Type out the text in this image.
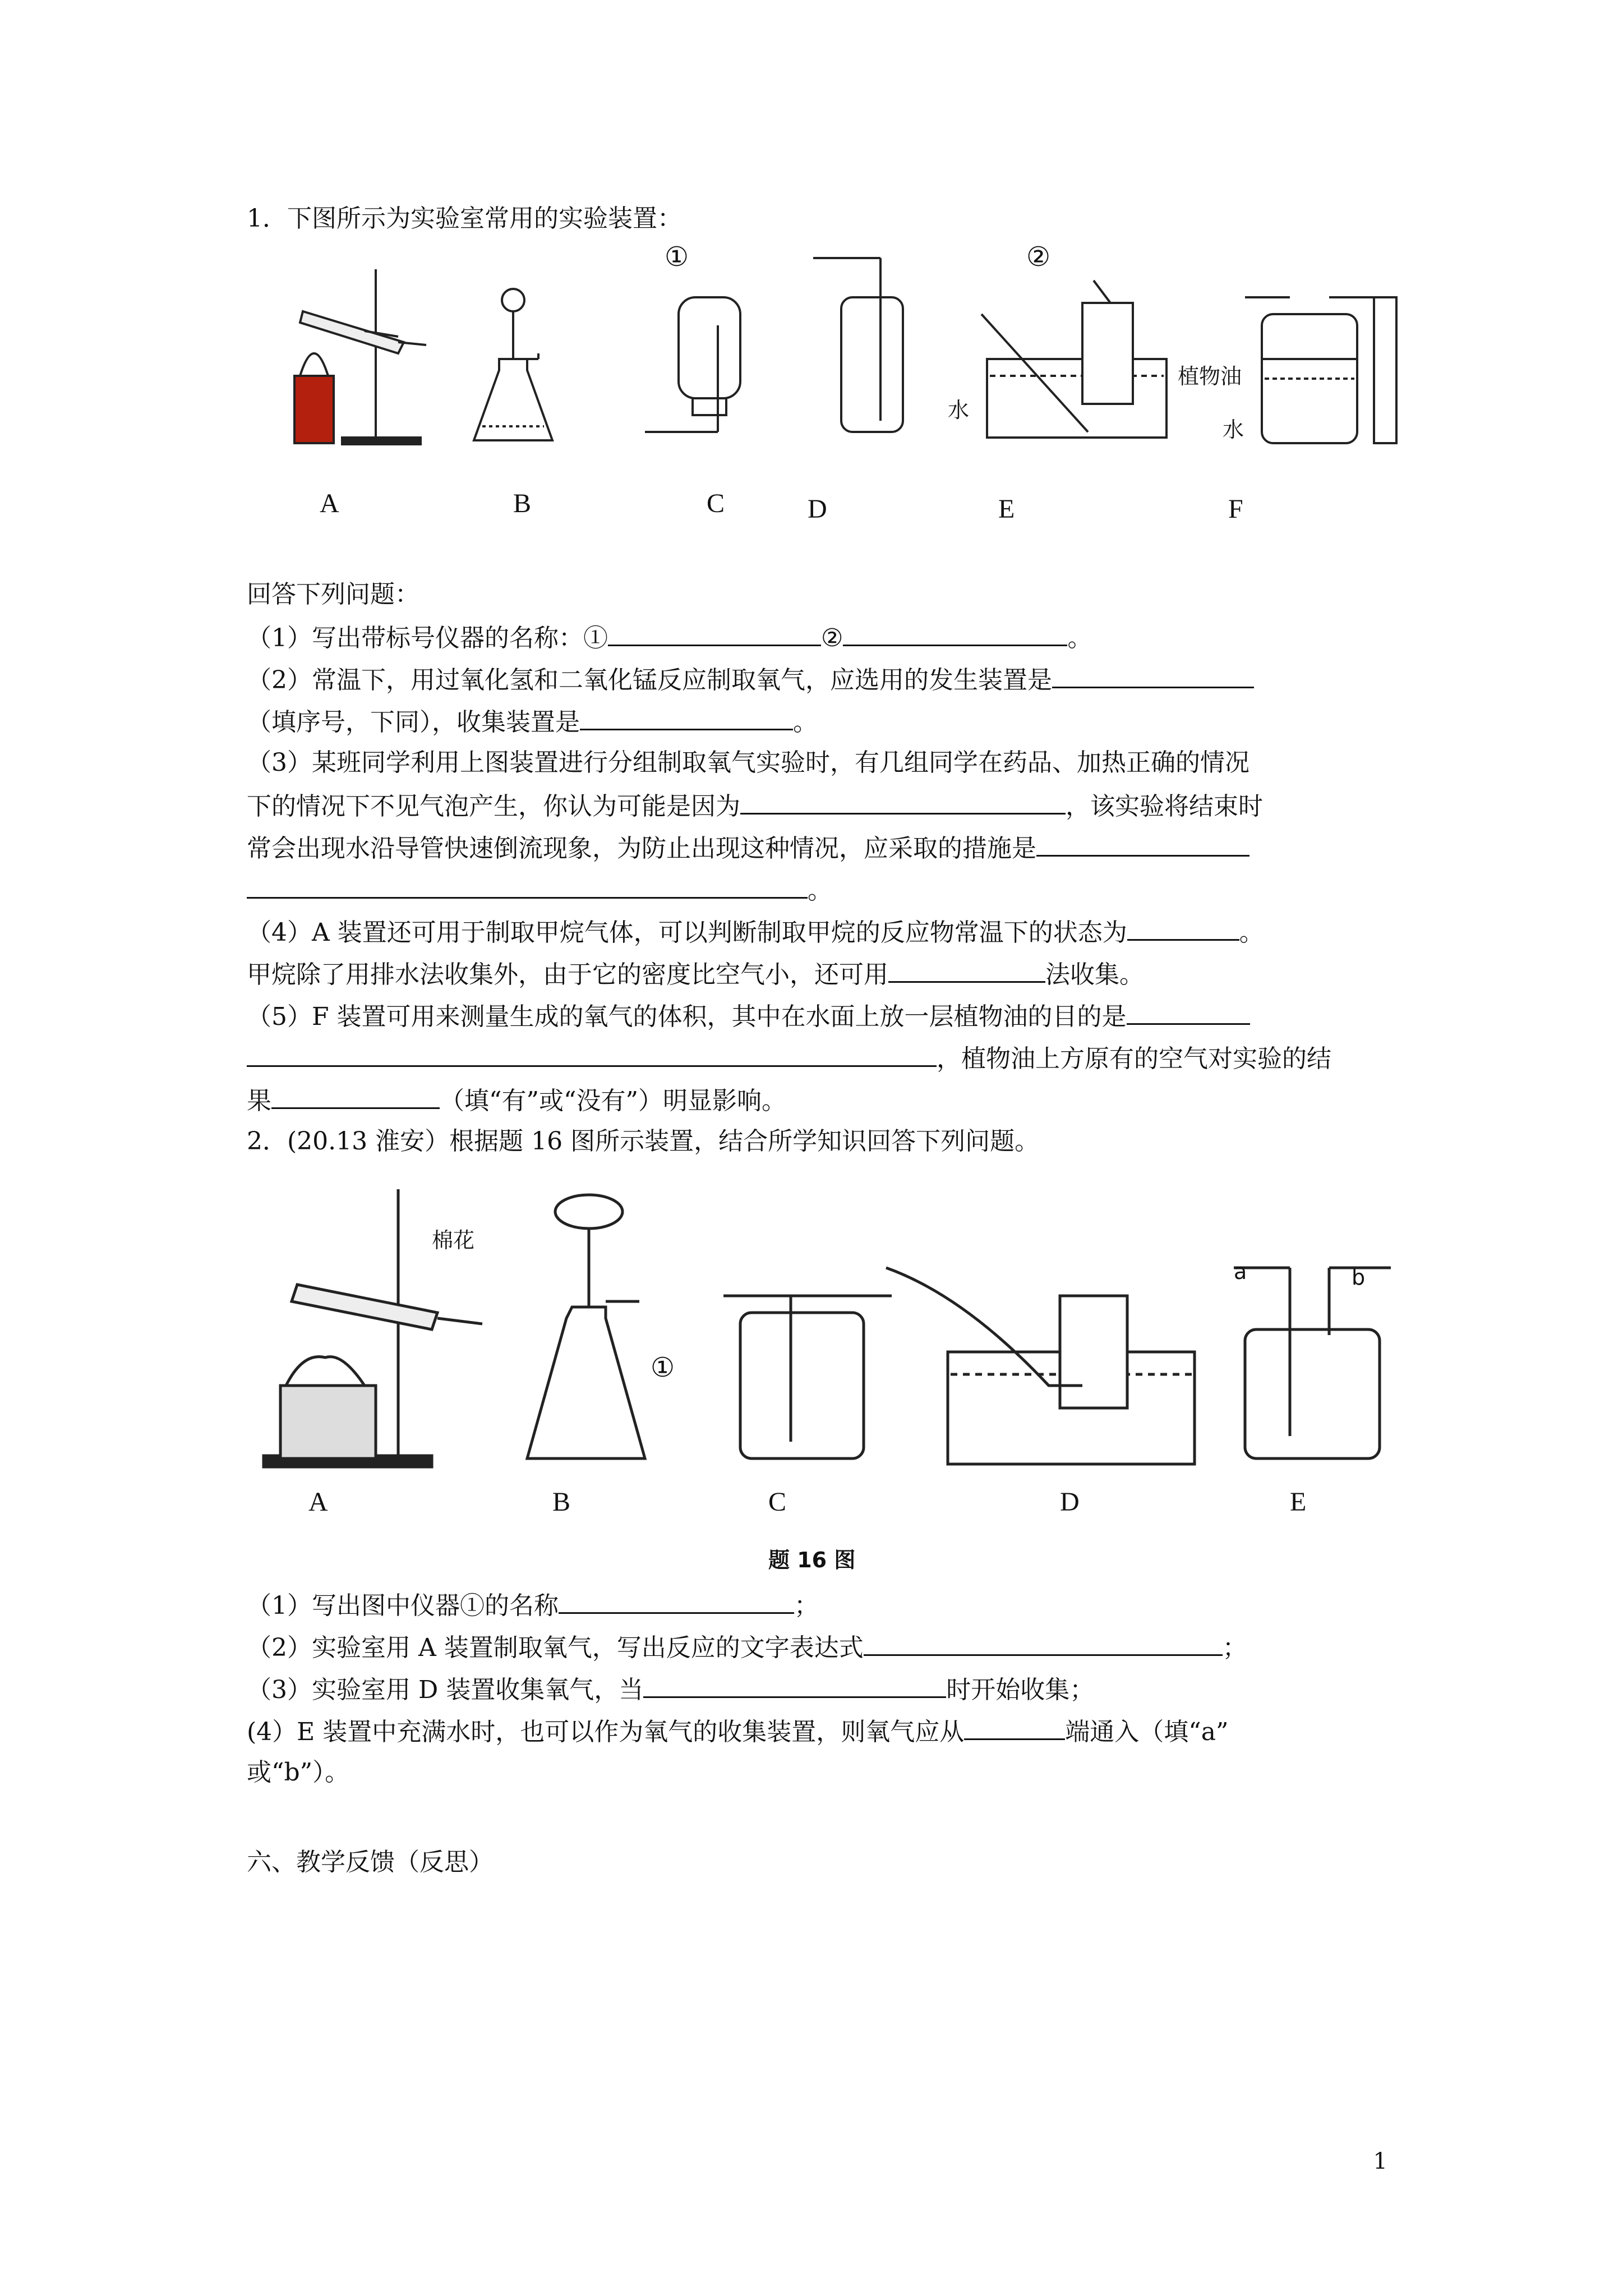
1．下图所示为实验室常用的实验装置：
①	②
水
植物油
水
A	B	C	D	E	F
回答下列问题：
（1）写出带标号仪器的名称：①	②	。
（2）常温下，用过氧化氢和二氧化锰反应制取氧气，应选用的发生装置是
（填序号，下同），收集装置是	。
（3）某班同学利用上图装置进行分组制取氧气实验时，有几组同学在药品、加热正确的情况
下的情况下不见气泡产生，你认为可能是因为	，该实验将结束时
常会出现水沿导管快速倒流现象，为防止出现这种情况，应采取的措施是
。
（4）A 装置还可用于制取甲烷气体，可以判断制取甲烷的反应物常温下的状态为	。
甲烷除了用排水法收集外，由于它的密度比空气小，还可用	法收集。
（5）F 装置可用来测量生成的氧气的体积，其中在水面上放一层植物油的目的是
，植物油上方原有的空气对实验的结
果	（填“有”或“没有”）明显影响。
2．(20.13 淮安）根据题 16 图所示装置，结合所学知识回答下列问题。
棉花
①
a	b
A	B	C	D	E
题 16 图
（1）写出图中仪器①的名称	；
（2）实验室用 A 装置制取氧气，写出反应的文字表达式	；
（3）实验室用 D 装置收集氧气，当	时开始收集；
(4）E 装置中充满水时，也可以作为氧气的收集装置，则氧气应从	端通入（填“a”
或“b”）。
六、教学反馈（反思）
1
